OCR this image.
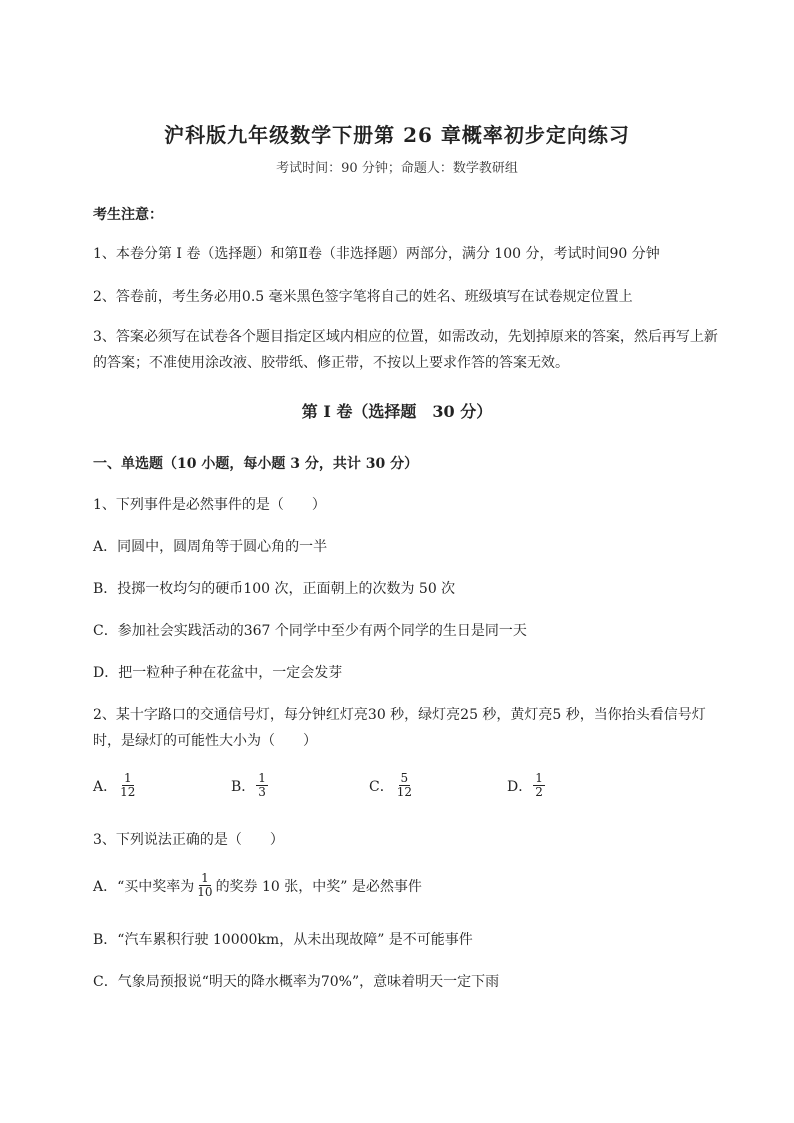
沪科版九年级数学下册第 26 章概率初步定向练习
考试时间：90 分钟；命题人：数学教研组
考生注意：
1、本卷分第 I 卷（选择题）和第Ⅱ卷（非选择题）两部分，满分 100 分，考试时间90 分钟
2、答卷前，考生务必用0.5 毫米黑色签字笔将自己的姓名、班级填写在试卷规定位置上
3、答案必须写在试卷各个题目指定区域内相应的位置，如需改动，先划掉原来的答案，然后再写上新
的答案；不准使用涂改液、胶带纸、修正带，不按以上要求作答的答案无效。
第 I 卷（选择题　30 分）
一、单选题（10 小题，每小题 3 分，共计 30 分）
1、下列事件是必然事件的是（　　）
A．同圆中，圆周角等于圆心角的一半
B．投掷一枚均匀的硬币100 次，正面朝上的次数为 50 次
C．参加社会实践活动的367 个同学中至少有两个同学的生日是同一天
D．把一粒种子种在花盆中，一定会发芽
2、某十字路口的交通信号灯，每分钟红灯亮30 秒，绿灯亮25 秒，黄灯亮5 秒，当你抬头看信号灯
时，是绿灯的可能性大小为（　　）
A． $\frac{1}{12}$	B． $\frac{1}{3}$	C． $\frac{5}{12}$	D． $\frac{1}{2}$
3、下列说法正确的是（　　）
A．“买中奖率为 $\frac{1}{10}$ 的奖券 10 张，中奖” 是必然事件
B．“汽车累积行驶 10000km，从未出现故障” 是不可能事件
C．气象局预报说“明天的降水概率为70%”，意味着明天一定下雨
